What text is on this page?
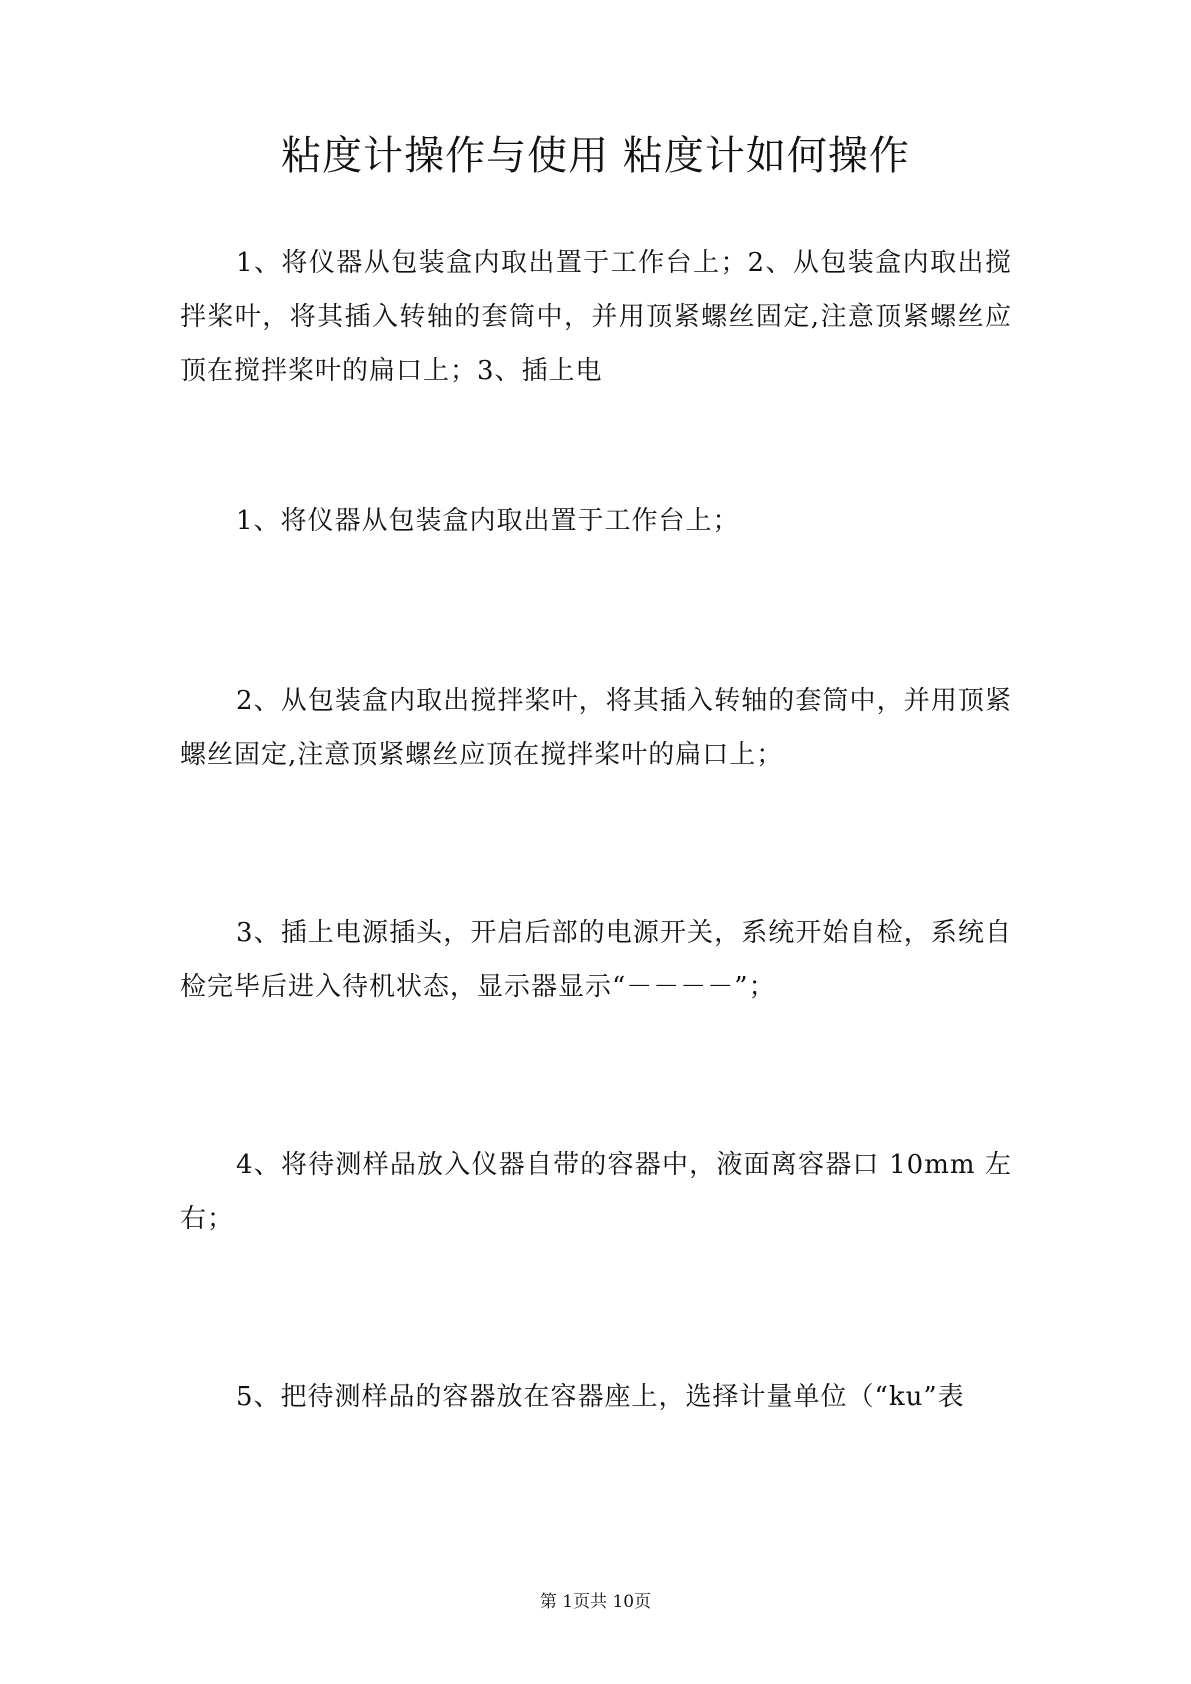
粘度计操作与使用 粘度计如何操作

1、将仪器从包装盒内取出置于工作台上；2、从包装盒内取出搅拌桨叶，将其插入转轴的套筒中，并用顶紧螺丝固定,注意顶紧螺丝应顶在搅拌桨叶的扁口上；3、插上电

1、将仪器从包装盒内取出置于工作台上；

2、从包装盒内取出搅拌桨叶，将其插入转轴的套筒中，并用顶紧螺丝固定,注意顶紧螺丝应顶在搅拌桨叶的扁口上；

3、插上电源插头，开启后部的电源开关，系统开始自检，系统自检完毕后进入待机状态，显示器显示“－－－－”；

4、将待测样品放入仪器自带的容器中，液面离容器口 10mm 左右；

5、把待测样品的容器放在容器座上，选择计量单位（“ku”表

第 1页共 10页
